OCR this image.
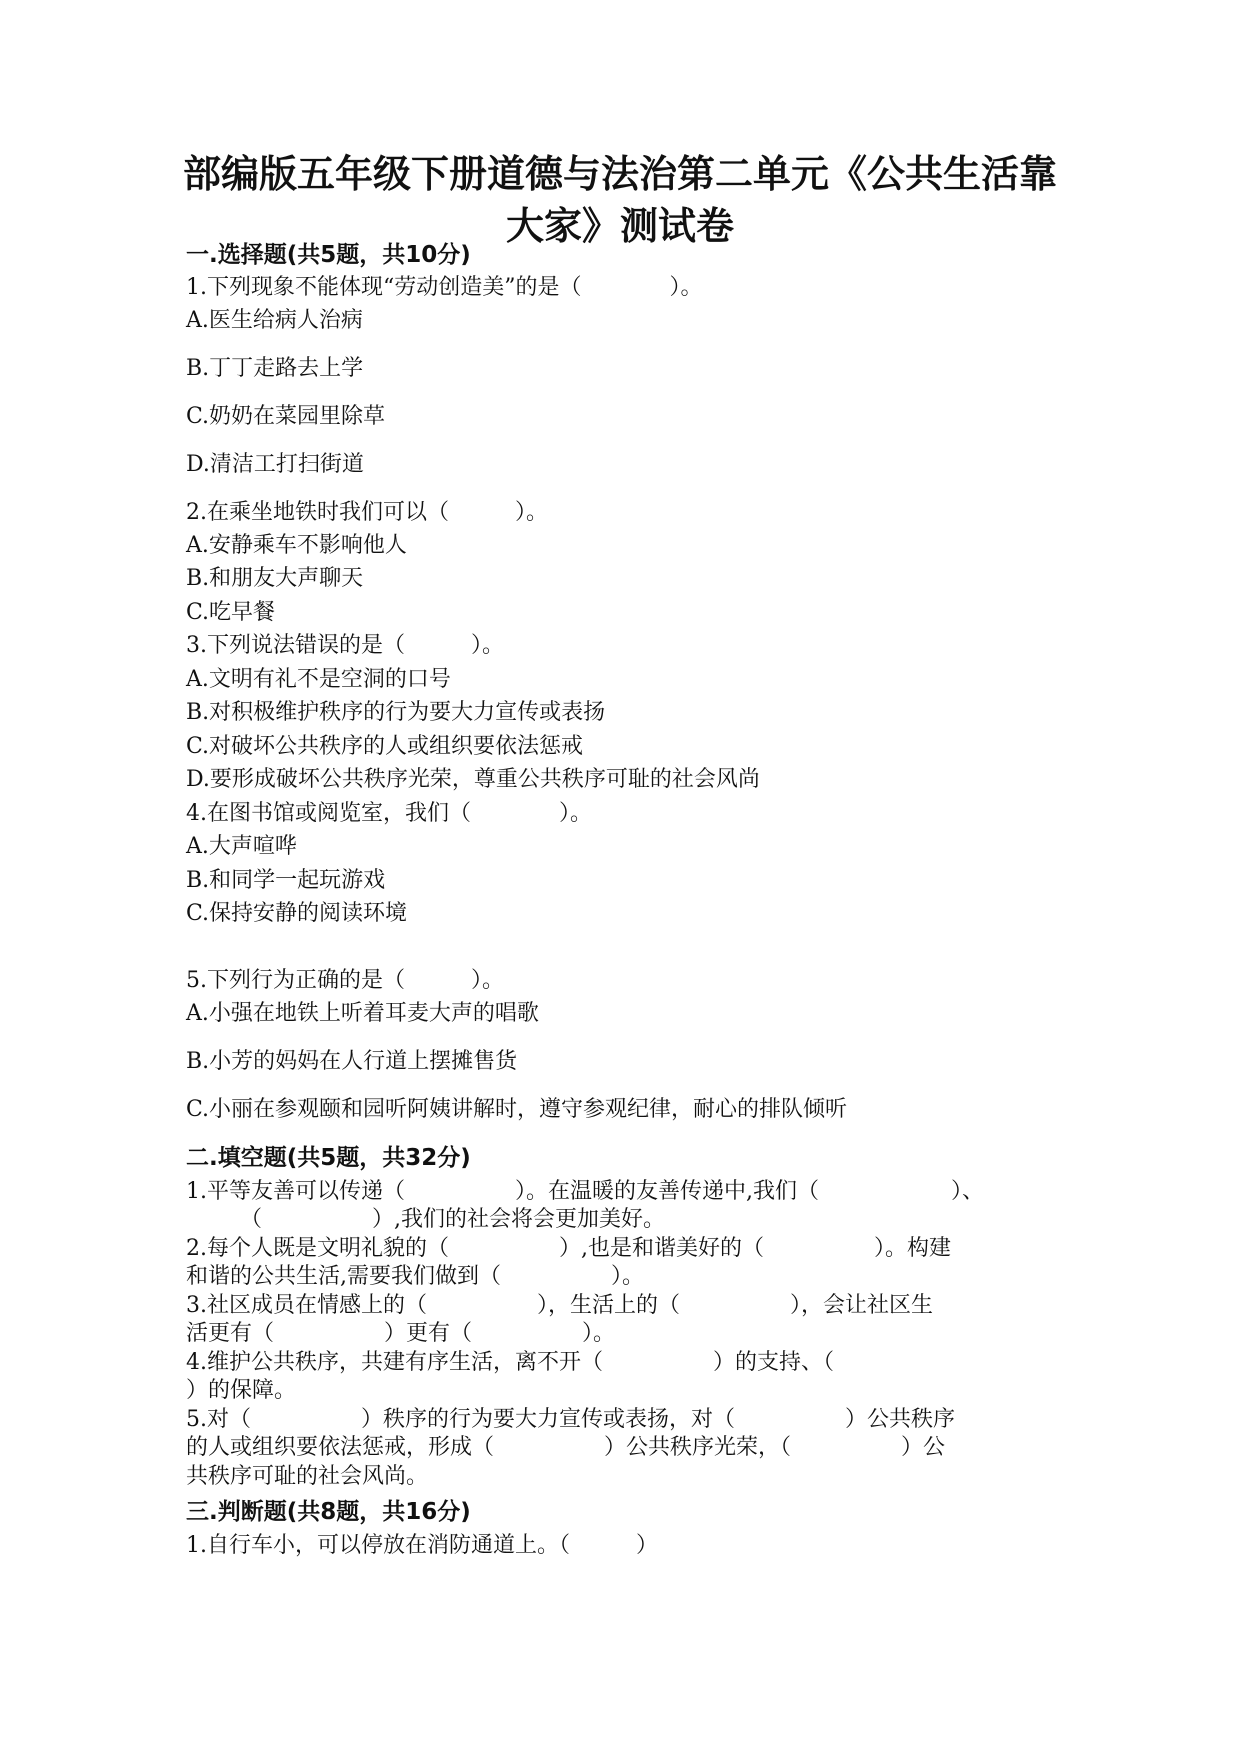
部编版五年级下册道德与法治第二单元《公共生活靠
大家》测试卷
一.选择题(共5题，共10分)
1.下列现象不能体现“劳动创造美”的是（　　　　）。
A.医生给病人治病
B.丁丁走路去上学
C.奶奶在菜园里除草
D.清洁工打扫街道
2.在乘坐地铁时我们可以（　　　）。
A.安静乘车不影响他人
B.和朋友大声聊天
C.吃早餐
3.下列说法错误的是（　　　）。
A.文明有礼不是空洞的口号
B.对积极维护秩序的行为要大力宣传或表扬
C.对破坏公共秩序的人或组织要依法惩戒
D.要形成破坏公共秩序光荣，尊重公共秩序可耻的社会风尚
4.在图书馆或阅览室，我们（　　　　）。
A.大声喧哗
B.和同学一起玩游戏
C.保持安静的阅读环境
5.下列行为正确的是（　　　）。
A.小强在地铁上听着耳麦大声的唱歌
B.小芳的妈妈在人行道上摆摊售货
C.小丽在参观颐和园听阿姨讲解时，遵守参观纪律，耐心的排队倾听
二.填空题(共5题，共32分)
1.平等友善可以传递（　　　　　）。在温暖的友善传递中,我们（　　　　　　）、
（　　　　　）,我们的社会将会更加美好。
2.每个人既是文明礼貌的（　　　　　）,也是和谐美好的（　　　　　）。构建
和谐的公共生活,需要我们做到（　　　　　）。
3.社区成员在情感上的（　　　　　），生活上的（　　　　　），会让社区生
活更有（　　　　　）更有（　　　　　）。
4.维护公共秩序，共建有序生活，离不开（　　　　　）的支持、（
）的保障。
5.对（　　　　　）秩序的行为要大力宣传或表扬，对（　　　　　）公共秩序
的人或组织要依法惩戒，形成（　　　　　）公共秩序光荣，（　　　　　）公
共秩序可耻的社会风尚。
三.判断题(共8题，共16分)
1.自行车小，可以停放在消防通道上。（　　　）
